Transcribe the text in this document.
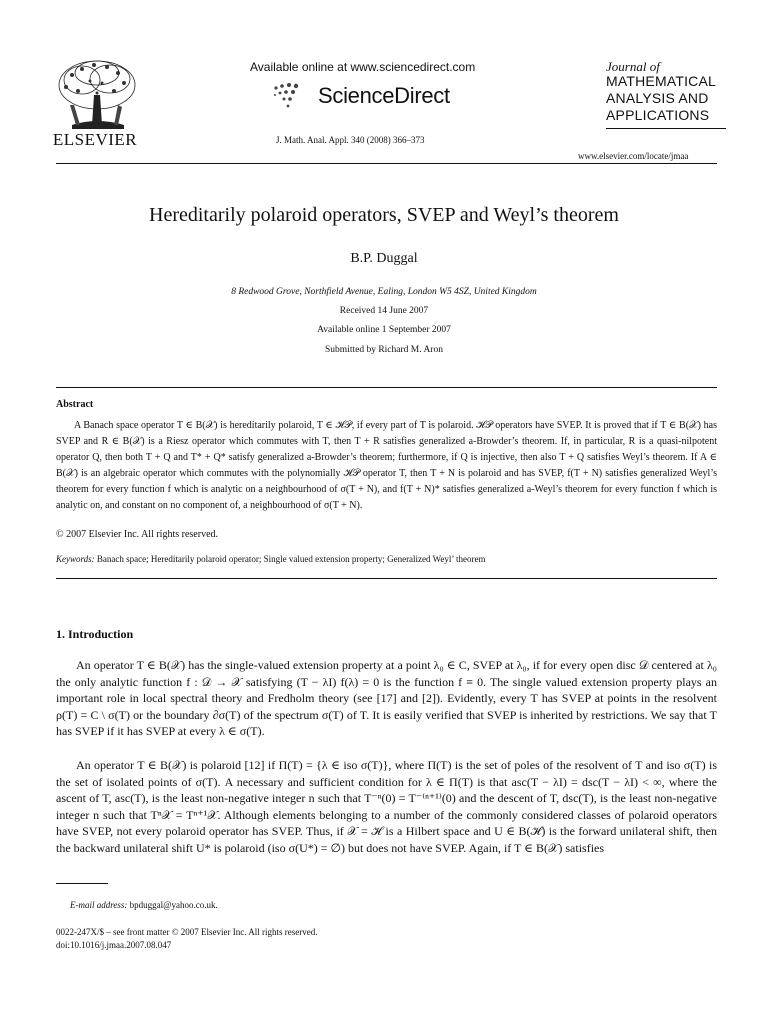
ELSEVIER
Available online at www.sciencedirect.com
ScienceDirect
J. Math. Anal. Appl. 340 (2008) 366–373
Journal of
MATHEMATICAL
ANALYSIS AND
APPLICATIONS
www.elsevier.com/locate/jmaa
Hereditarily polaroid operators, SVEP and Weyl’s theorem
B.P. Duggal
8 Redwood Grove, Northfield Avenue, Ealing, London W5 4SZ, United Kingdom
Received 14 June 2007
Available online 1 September 2007
Submitted by Richard M. Aron
Abstract
A Banach space operator T ∈ B(𝒳) is hereditarily polaroid, T ∈ ℋ𝒫, if every part of T is polaroid. ℋ𝒫 operators have SVEP. It is proved that if T ∈ B(𝒳) has SVEP and R ∈ B(𝒳) is a Riesz operator which commutes with T, then T + R satisfies generalized a-Browder’s theorem. If, in particular, R is a quasi-nilpotent operator Q, then both T + Q and T* + Q* satisfy generalized a-Browder’s theorem; furthermore, if Q is injective, then also T + Q satisfies Weyl’s theorem. If A ∈ B(𝒳) is an algebraic operator which commutes with the polynomially ℋ𝒫 operator T, then T + N is polaroid and has SVEP, f(T + N) satisfies generalized Weyl’s theorem for every function f which is analytic on a neighbourhood of σ(T + N), and f(T + N)* satisfies generalized a-Weyl’s theorem for every function f which is analytic on, and constant on no component of, a neighbourhood of σ(T + N).
© 2007 Elsevier Inc. All rights reserved.
Keywords: Banach space; Hereditarily polaroid operator; Single valued extension property; Generalized Weyl’ theorem
1. Introduction
An operator T ∈ B(𝒳) has the single-valued extension property at a point λ₀ ∈ C, SVEP at λ₀, if for every open disc 𝒟 centered at λ₀ the only analytic function f : 𝒟 → 𝒳 satisfying (T − λI) f(λ) = 0 is the function f ≡ 0. The single valued extension property plays an important role in local spectral theory and Fredholm theory (see [17] and [2]). Evidently, every T has SVEP at points in the resolvent ρ(T) = C \ σ(T) or the boundary ∂σ(T) of the spectrum σ(T) of T. It is easily verified that SVEP is inherited by restrictions. We say that T has SVEP if it has SVEP at every λ ∈ σ(T).
An operator T ∈ B(𝒳) is polaroid [12] if Π(T) = {λ ∈ iso σ(T)}, where Π(T) is the set of poles of the resolvent of T and iso σ(T) is the set of isolated points of σ(T). A necessary and sufficient condition for λ ∈ Π(T) is that asc(T − λI) = dsc(T − λI) < ∞, where the ascent of T, asc(T), is the least non-negative integer n such that T⁻ⁿ(0) = T⁻⁽ⁿ⁺¹⁾(0) and the descent of T, dsc(T), is the least non-negative integer n such that Tⁿ𝒳 = Tⁿ⁺¹𝒳. Although elements belonging to a number of the commonly considered classes of polaroid operators have SVEP, not every polaroid operator has SVEP. Thus, if 𝒳 = ℋ is a Hilbert space and U ∈ B(ℋ) is the forward unilateral shift, then the backward unilateral shift U* is polaroid (iso σ(U*) = ∅) but does not have SVEP. Again, if T ∈ B(𝒳) satisfies
E-mail address: bpduggal@yahoo.co.uk.
0022-247X/$ – see front matter © 2007 Elsevier Inc. All rights reserved.
doi:10.1016/j.jmaa.2007.08.047
